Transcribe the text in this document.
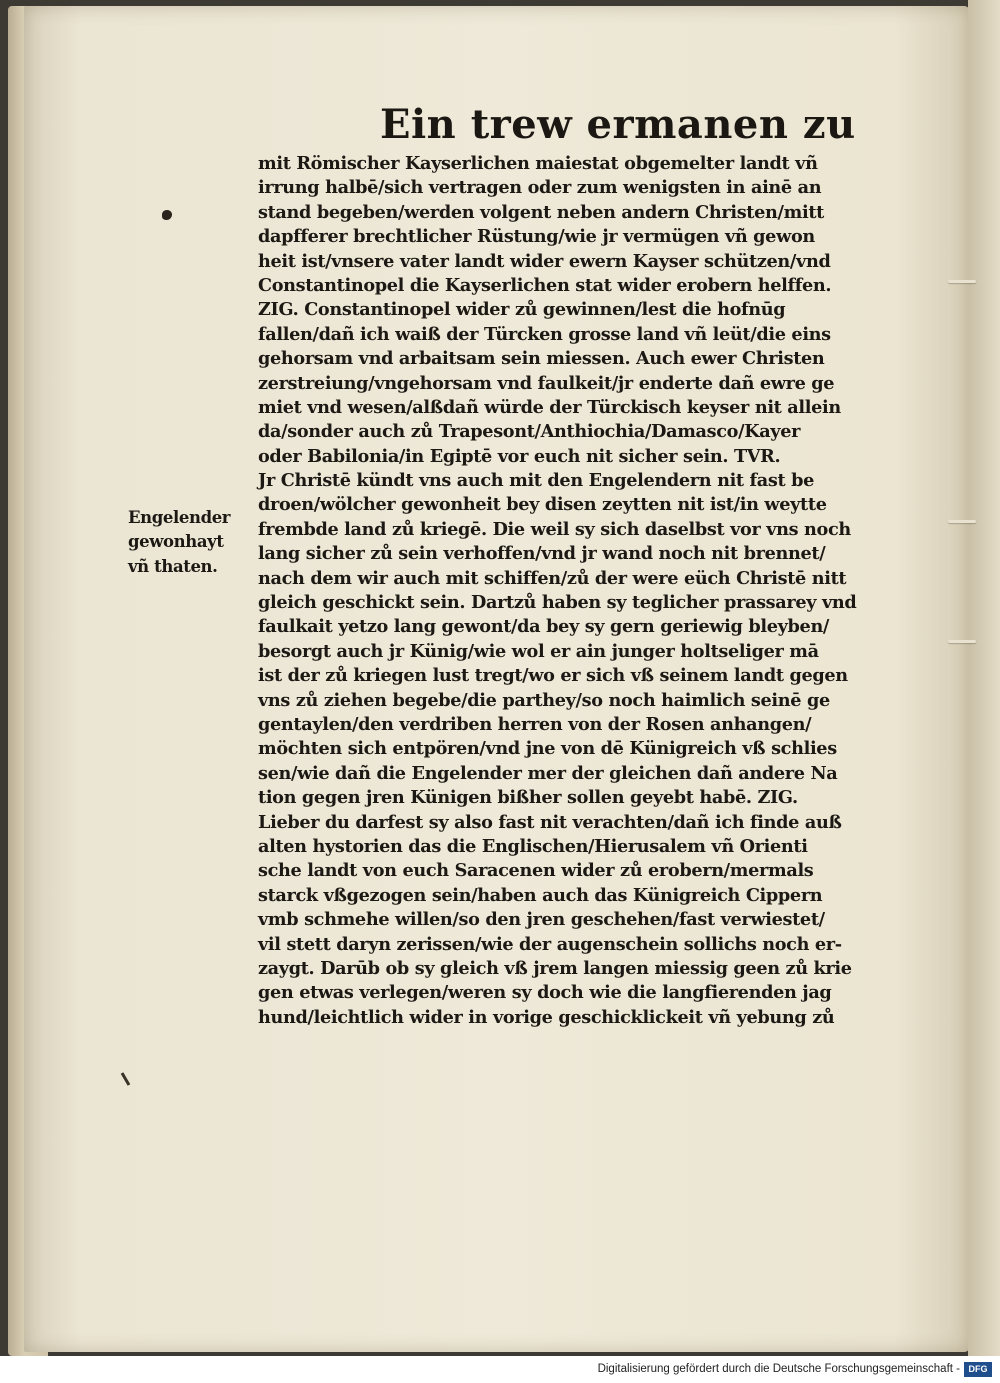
Ein trew ermanen zu
mit Römischer Kayserlichen maiestat obgemelter landt vñ
irrung halbē/sich vertragen oder zum wenigsten in ainē an
stand begeben/werden volgent neben andern Christen/mitt
dapfferer brechtlicher Rüstung/wie jr vermügen vñ gewon
heit ist/vnsere vater landt wider ewern Kayser schützen/vnd
Constantinopel die Kayserlichen stat wider erobern helffen.
ZIG. Constantinopel wider zů gewinnen/lest die hofnūg
fallen/dañ ich waiß der Türcken grosse land vñ leüt/die eins
gehorsam vnd arbaitsam sein miessen. Auch ewer Christen
zerstreiung/vngehorsam vnd faulkeit/jr enderte dañ ewre ge
miet vnd wesen/alßdañ würde der Türckisch keyser nit allein
da/sonder auch zů Trapesont/Anthiochia/Damasco/Kayer
oder Babilonia/in Egiptē vor euch nit sicher sein. TVR.
Jr Christē kündt vns auch mit den Engelendern nit fast be
droen/wölcher gewonheit bey disen zeytten nit ist/in weytte
frembde land zů kriegē. Die weil sy sich daselbst vor vns noch
lang sicher zů sein verhoffen/vnd jr wand noch nit brennet/
nach dem wir auch mit schiffen/zů der were eüch Christē nitt
gleich geschickt sein. Dartzů haben sy teglicher prassarey vnd
faulkait yetzo lang gewont/da bey sy gern geriewig bleyben/
besorgt auch jr Künig/wie wol er ain junger holtseliger mā
ist der zů kriegen lust tregt/wo er sich vß seinem landt gegen
vns zů ziehen begebe/die parthey/so noch haimlich seinē ge
gentaylen/den verdriben herren von der Rosen anhangen/
möchten sich entpören/vnd jne von dē Künigreich vß schlies
sen/wie dañ die Engelender mer der gleichen dañ andere Na
tion gegen jren Künigen bißher sollen geyebt habē. ZIG.
Lieber du darfest sy also fast nit verachten/dañ ich finde auß
alten hystorien das die Englischen/Hierusalem vñ Orienti
sche landt von euch Saracenen wider zů erobern/mermals
starck vßgezogen sein/haben auch das Künigreich Cippern
vmb schmehe willen/so den jren geschehen/fast verwiestet/
vil stett daryn zerissen/wie der augenschein sollichs noch er-
zaygt. Darūb ob sy gleich vß jrem langen miessig geen zů krie
gen etwas verlegen/weren sy doch wie die langfierenden jag
hund/leichtlich wider in vorige geschicklickeit vñ yebung zů
Engelender
gewonhayt
vñ thaten.
Digitalisierung gefördert durch die Deutsche Forschungsgemeinschaft - DFG
